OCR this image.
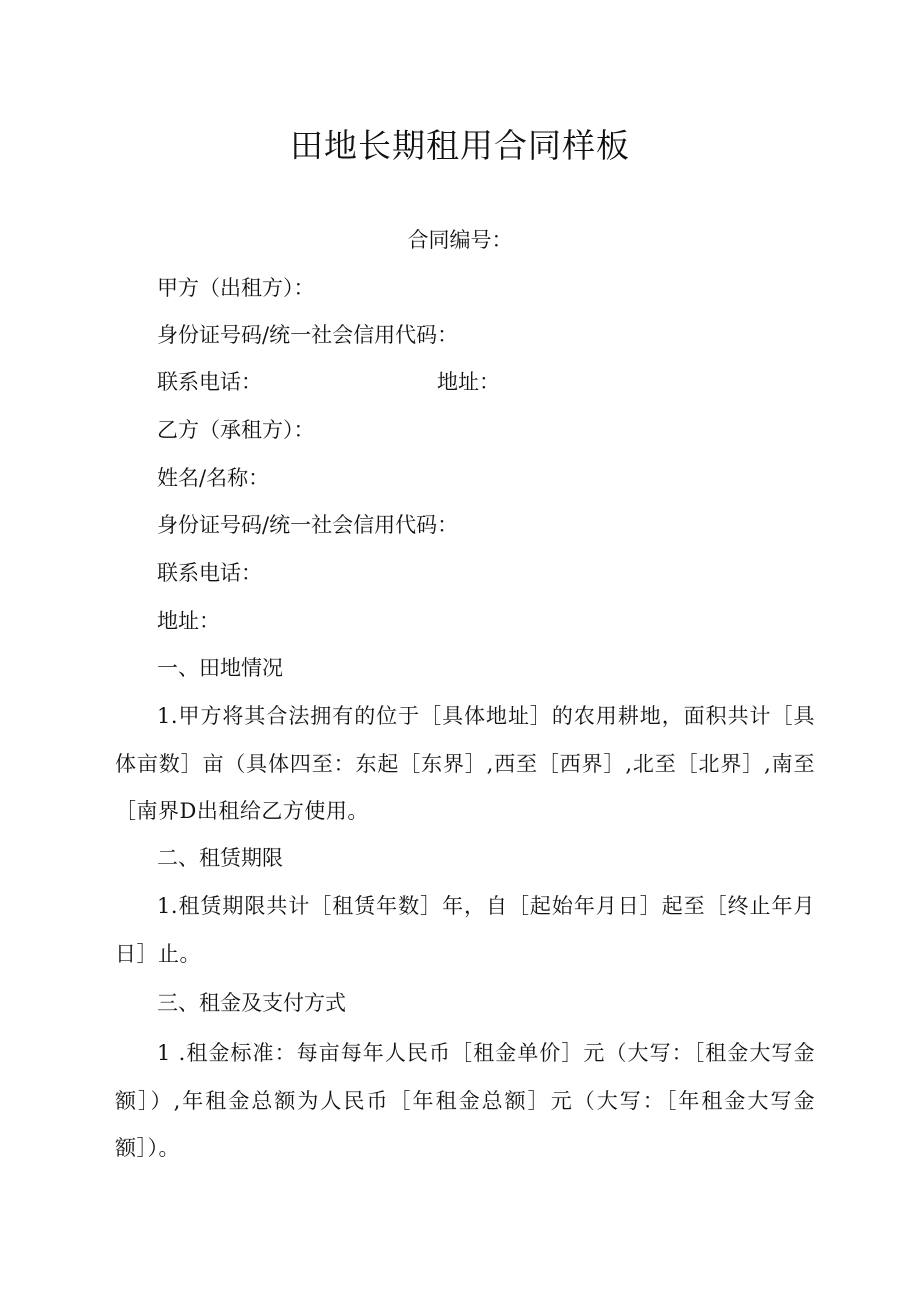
田地长期租用合同样板
合同编号：
甲方（出租方）：
身份证号码/统一社会信用代码：
联系电话：	地址：
乙方（承租方）：
姓名/名称：
身份证号码/统一社会信用代码：
联系电话：
地址：
一、田地情况

1.甲方将其合法拥有的位于［具体地址］的农用耕地，面积共计［具体亩数］亩（具体四至：东起［东界］,西至［西界］,北至［北界］,南至［南界D出租给乙方使用。

二、租赁期限

1.租赁期限共计［租赁年数］年，自［起始年月日］起至［终止年月日］止。

三、租金及支付方式

1 .租金标准：每亩每年人民币［租金单价］元（大写：［租金大写金额］）,年租金总额为人民币［年租金总额］元（大写：［年租金大写金额］）。
